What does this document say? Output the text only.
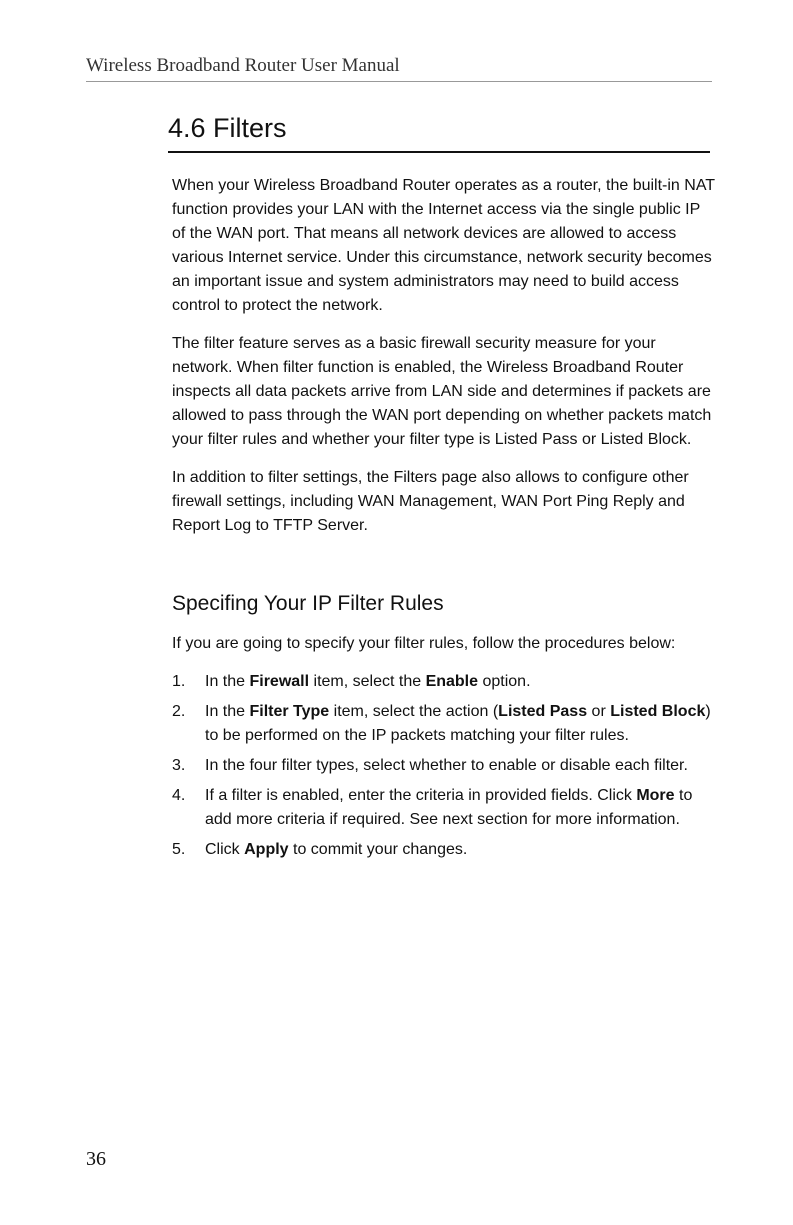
Wireless Broadband Router User Manual
4.6 Filters

When your Wireless Broadband Router operates as a router, the built-in NAT function provides your LAN with the Internet access via the single public IP of the WAN port. That means all network devices are allowed to access various Internet service. Under this circumstance, network security becomes an important issue and system administrators may need to build access control to protect the network.

The filter feature serves as a basic firewall security measure for your network. When filter function is enabled, the Wireless Broadband Router inspects all data packets arrive from LAN side and determines if packets are allowed to pass through the WAN port depending on whether packets match your filter rules and whether your filter type is Listed Pass or Listed Block.

In addition to filter settings, the Filters page also allows to configure other firewall settings, including WAN Management, WAN Port Ping Reply and Report Log to TFTP Server.

Specifing Your IP Filter Rules

If you are going to specify your filter rules, follow the procedures below:

1. In the Firewall item, select the Enable option.
2. In the Filter Type item, select the action (Listed Pass or Listed Block) to be performed on the IP packets matching your filter rules.
3. In the four filter types, select whether to enable or disable each filter.
4. If a filter is enabled, enter the criteria in provided fields. Click More to add more criteria if required. See next section for more information.
5. Click Apply to commit your changes.
36
